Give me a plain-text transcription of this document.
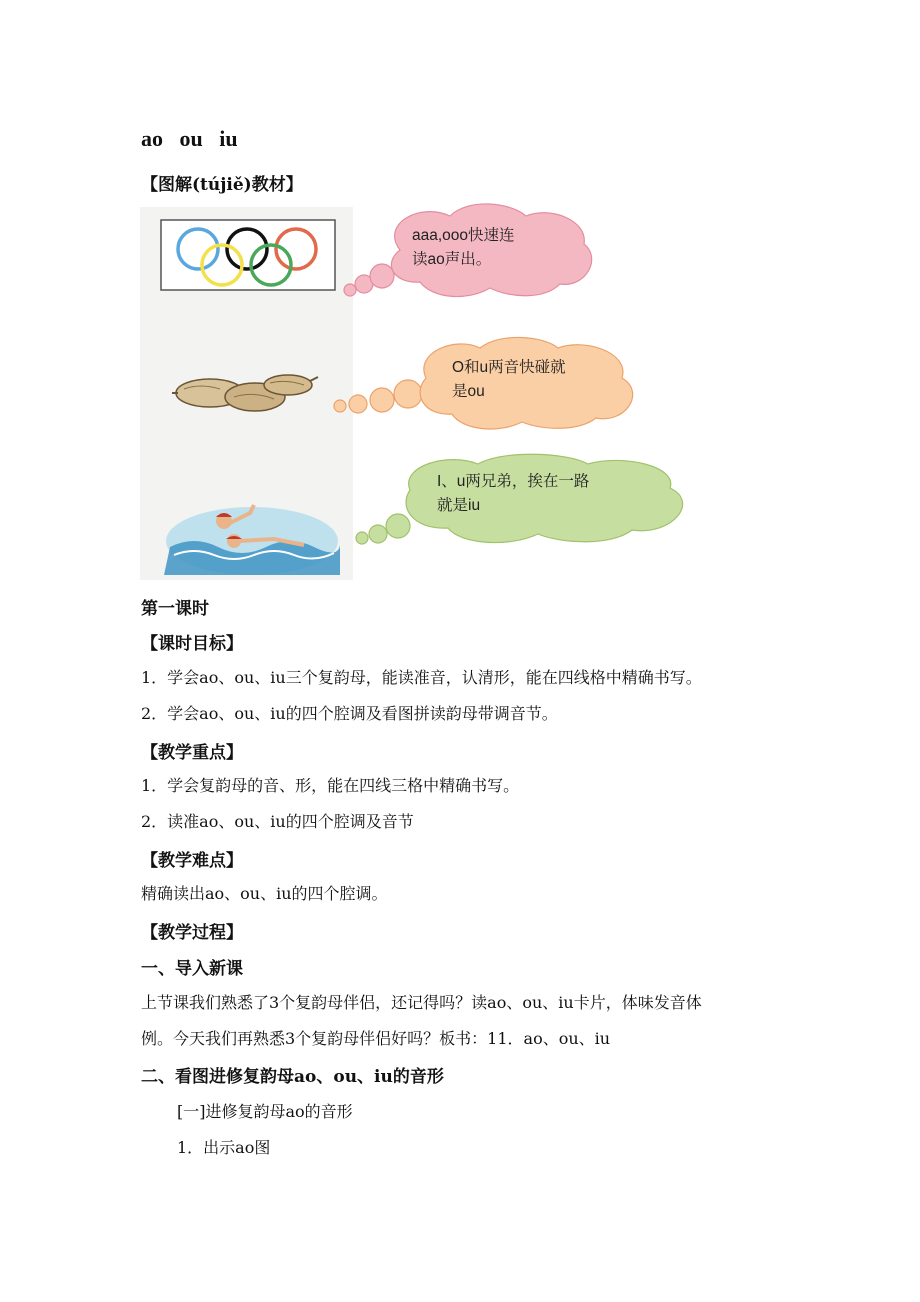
ao   ou   iu
【图解(tújiě)教材】
aaa,ooo快速连
读ao声出。
O和u两音快碰就
是ou
I、u两兄弟，挨在一路
就是iu
第一课时
【课时目标】
1．学会ao、ou、iu三个复韵母，能读准音，认清形，能在四线格中精确书写。
2．学会ao、ou、iu的四个腔调及看图拼读韵母带调音节。
【教学重点】
1．学会复韵母的音、形，能在四线三格中精确书写。
2．读准ao、ou、iu的四个腔调及音节
【教学难点】
精确读出ao、ou、iu的四个腔调。
【教学过程】
一、导入新课
上节课我们熟悉了3个复韵母伴侣，还记得吗？读ao、ou、iu卡片，体味发音体
例。今天我们再熟悉3个复韵母伴侣好吗？板书：11．ao、ou、iu
二、看图进修复韵母ao、ou、iu的音形
[一]进修复韵母ao的音形
1．出示ao图
